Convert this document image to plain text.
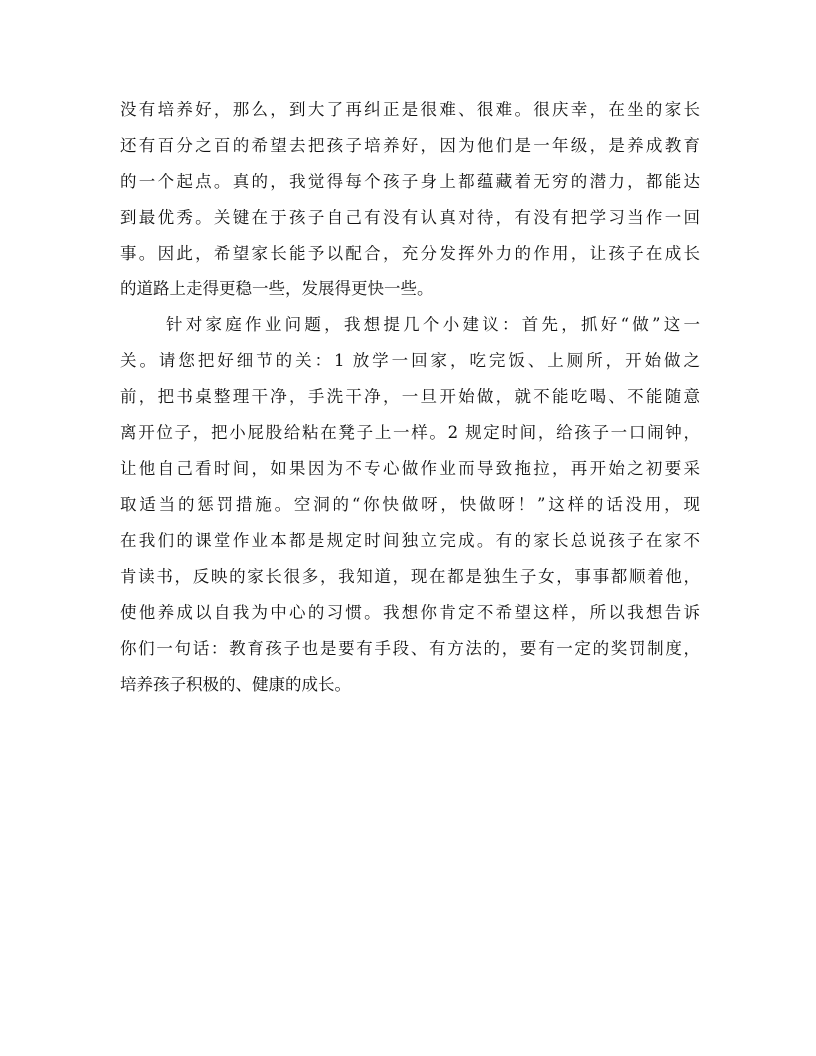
没有培养好，那么，到大了再纠正是很难、很难。很庆幸，在坐的家长
还有百分之百的希望去把孩子培养好，因为他们是一年级，是养成教育
的一个起点。真的，我觉得每个孩子身上都蕴藏着无穷的潜力，都能达
到最优秀。关键在于孩子自己有没有认真对待，有没有把学习当作一回
事。因此，希望家长能予以配合，充分发挥外力的作用，让孩子在成长
的道路上走得更稳一些，发展得更快一些。
针对家庭作业问题，我想提几个小建议：首先，抓好“做”这一
关。请您把好细节的关：1 放学一回家，吃完饭、上厕所，开始做之
前，把书桌整理干净，手洗干净，一旦开始做，就不能吃喝、不能随意
离开位子，把小屁股给粘在凳子上一样。2 规定时间，给孩子一口闹钟，
让他自己看时间，如果因为不专心做作业而导致拖拉，再开始之初要采
取适当的惩罚措施。空洞的“你快做呀，快做呀！”这样的话没用，现
在我们的课堂作业本都是规定时间独立完成。有的家长总说孩子在家不
肯读书，反映的家长很多，我知道，现在都是独生子女，事事都顺着他，
使他养成以自我为中心的习惯。我想你肯定不希望这样，所以我想告诉
你们一句话：教育孩子也是要有手段、有方法的，要有一定的奖罚制度，
培养孩子积极的、健康的成长。
